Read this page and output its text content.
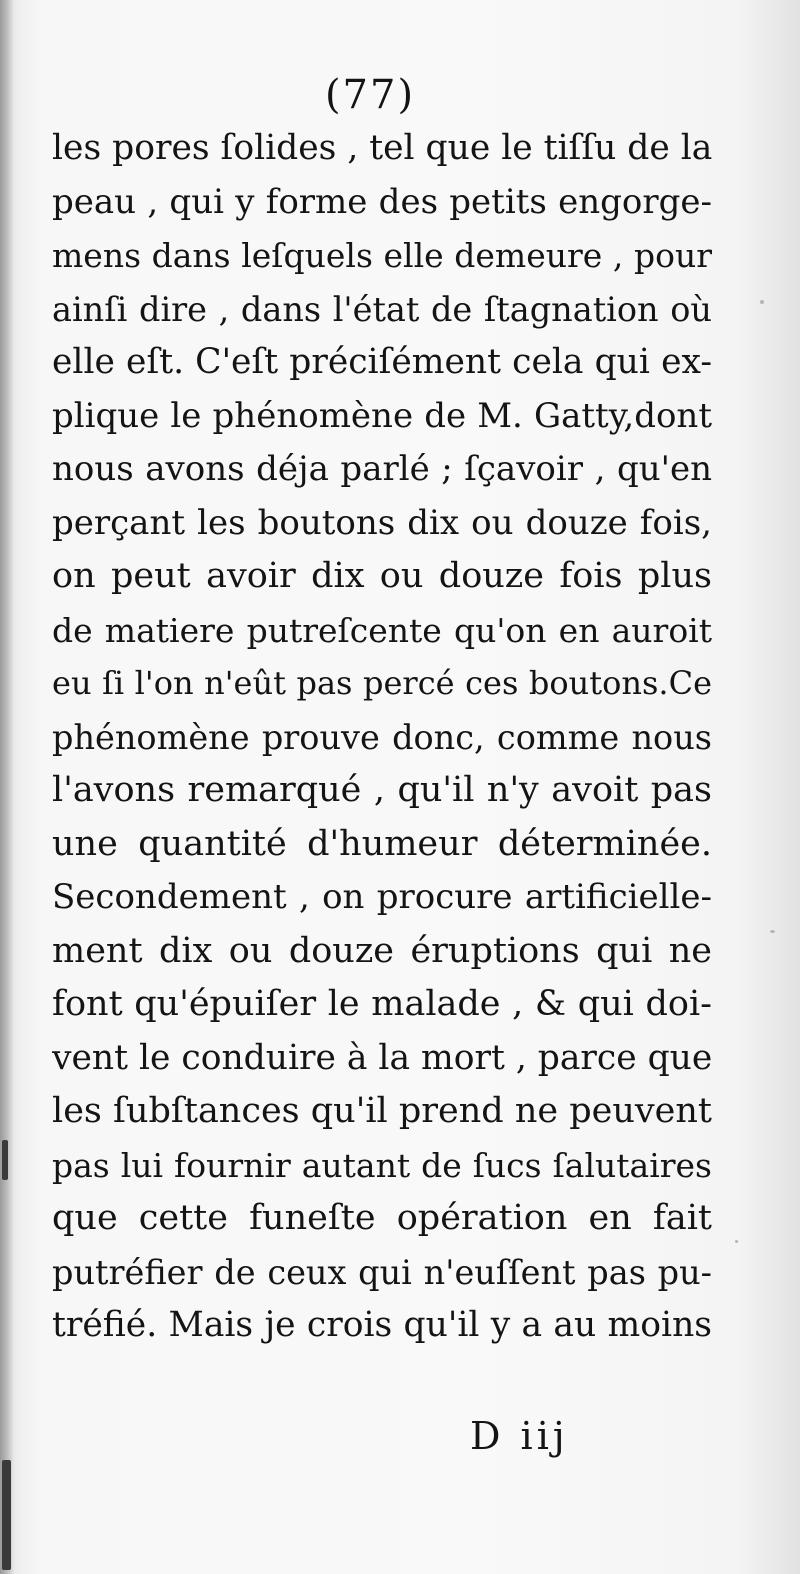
(77)
les pores ſolides , tel que le tiſſu de la
peau , qui y forme des petits engorge-
mens dans leſquels elle demeure , pour
ainſi dire , dans l'état de ſtagnation où
elle eſt. C'eſt préciſément cela qui ex-
plique le phénomène de M. Gatty,dont
nous avons déja parlé ; ſçavoir , qu'en
perçant les boutons dix ou douze fois,
on peut avoir dix ou douze fois plus
de matiere putreſcente qu'on en auroit
eu ſi l'on n'eût pas percé ces boutons.Ce
phénomène prouve donc, comme nous
l'avons remarqué , qu'il n'y avoit pas
une quantité d'humeur déterminée.
Secondement , on procure artificielle-
ment dix ou douze éruptions qui ne
font qu'épuiſer le malade , & qui doi-
vent le conduire à la mort , parce que
les ſubſtances qu'il prend ne peuvent
pas lui fournir autant de ſucs ſalutaires
que cette funeſte opération en fait
putréfier de ceux qui n'euſſent pas pu-
tréfié. Mais je crois qu'il y a au moins
D iij
